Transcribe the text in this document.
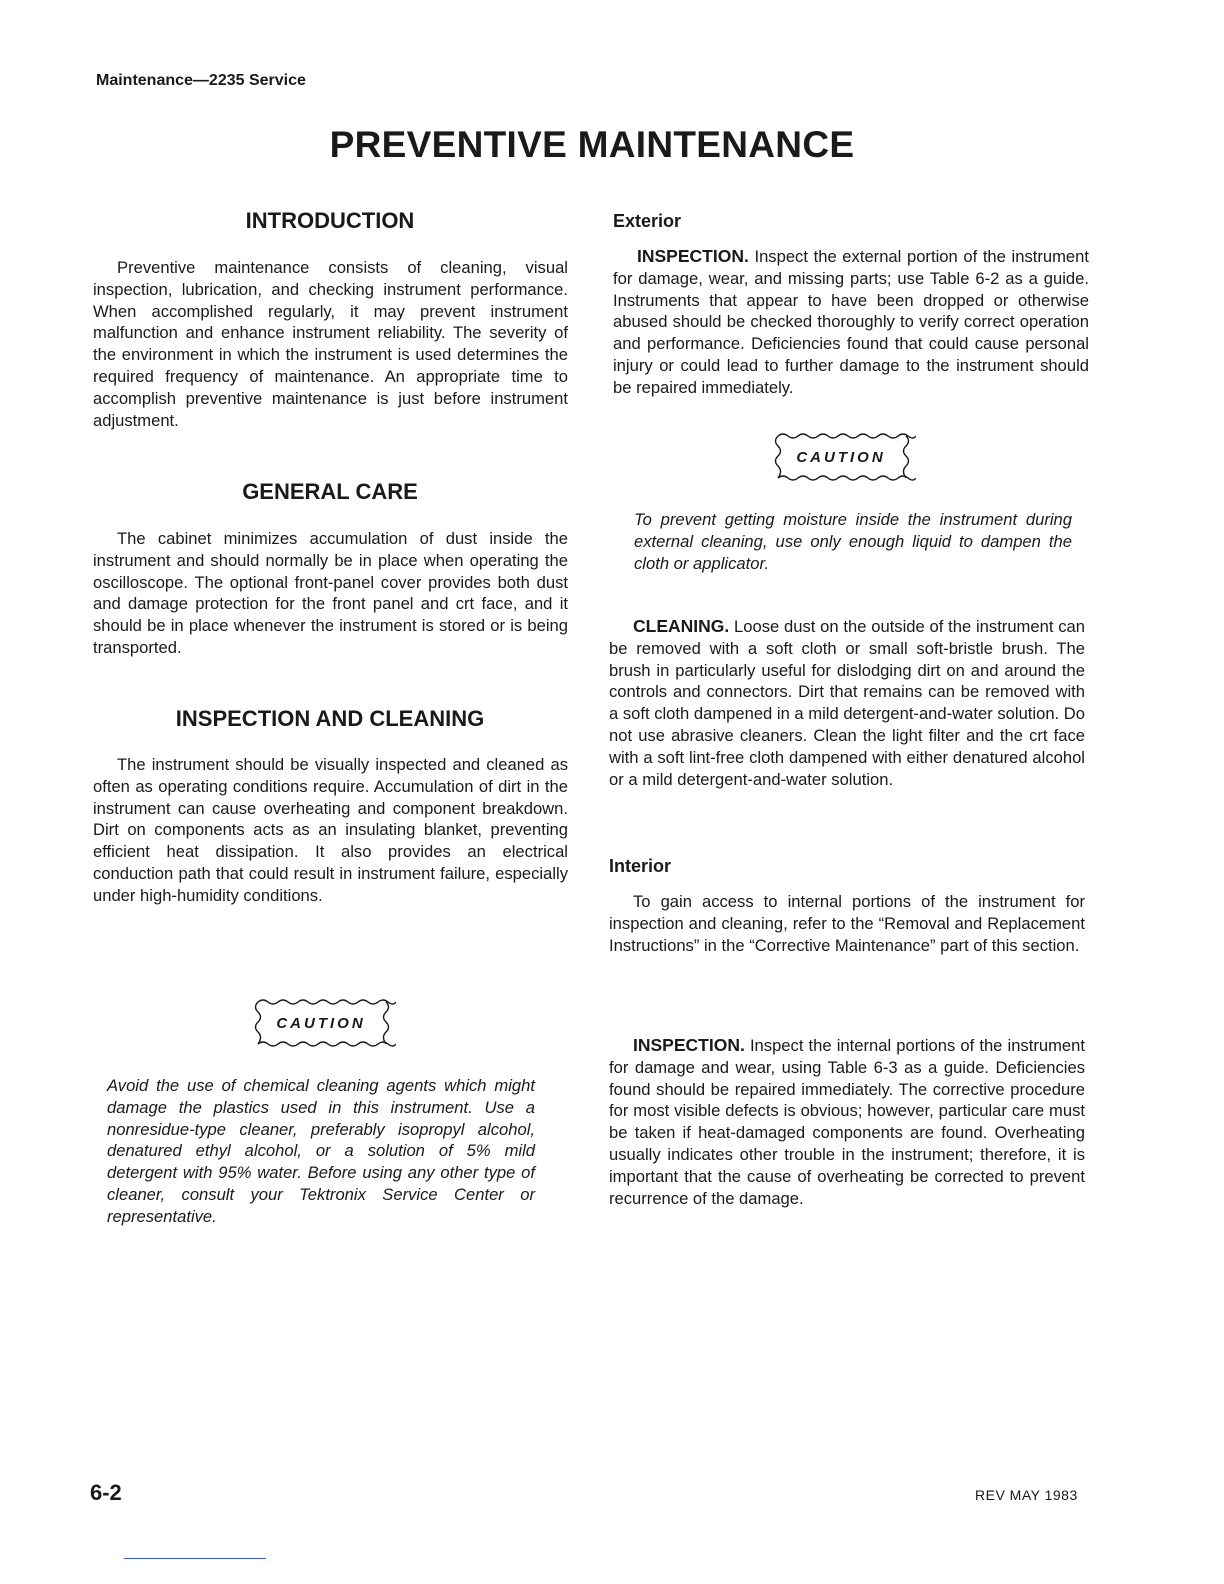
Maintenance—2235 Service
PREVENTIVE MAINTENANCE
INTRODUCTION

Preventive maintenance consists of cleaning, visual inspection, lubrication, and checking instrument performance. When accomplished regularly, it may prevent instrument malfunction and enhance instrument reliability. The severity of the environment in which the instrument is used determines the required frequency of maintenance. An appropriate time to accomplish preventive maintenance is just before instrument adjustment.

GENERAL CARE

The cabinet minimizes accumulation of dust inside the instrument and should normally be in place when operating the oscilloscope. The optional front-panel cover provides both dust and damage protection for the front panel and crt face, and it should be in place whenever the instrument is stored or is being transported.

INSPECTION AND CLEANING

The instrument should be visually inspected and cleaned as often as operating conditions require. Accumulation of dirt in the instrument can cause overheating and component breakdown. Dirt on components acts as an insulating blanket, preventing efficient heat dissipation. It also provides an electrical conduction path that could result in instrument failure, especially under high-humidity conditions.

CAUTION

Avoid the use of chemical cleaning agents which might damage the plastics used in this instrument. Use a nonresidue-type cleaner, preferably isopropyl alcohol, denatured ethyl alcohol, or a solution of 5% mild detergent with 95% water. Before using any other type of cleaner, consult your Tektronix Service Center or representative.

Exterior

INSPECTION. Inspect the external portion of the instrument for damage, wear, and missing parts; use Table 6-2 as a guide. Instruments that appear to have been dropped or otherwise abused should be checked thoroughly to verify correct operation and performance. Deficiencies found that could cause personal injury or could lead to further damage to the instrument should be repaired immediately.

CAUTION

To prevent getting moisture inside the instrument during external cleaning, use only enough liquid to dampen the cloth or applicator.

CLEANING. Loose dust on the outside of the instrument can be removed with a soft cloth or small soft-bristle brush. The brush in particularly useful for dislodging dirt on and around the controls and connectors. Dirt that remains can be removed with a soft cloth dampened in a mild detergent-and-water solution. Do not use abrasive cleaners. Clean the light filter and the crt face with a soft lint-free cloth dampened with either denatured alcohol or a mild detergent-and-water solution.

Interior

To gain access to internal portions of the instrument for inspection and cleaning, refer to the “Removal and Replacement Instructions” in the “Corrective Maintenance” part of this section.

INSPECTION. Inspect the internal portions of the instrument for damage and wear, using Table 6-3 as a guide. Deficiencies found should be repaired immediately. The corrective procedure for most visible defects is obvious; however, particular care must be taken if heat-damaged components are found. Overheating usually indicates other trouble in the instrument; therefore, it is important that the cause of overheating be corrected to prevent recurrence of the damage.

6-2	REV MAY 1983
